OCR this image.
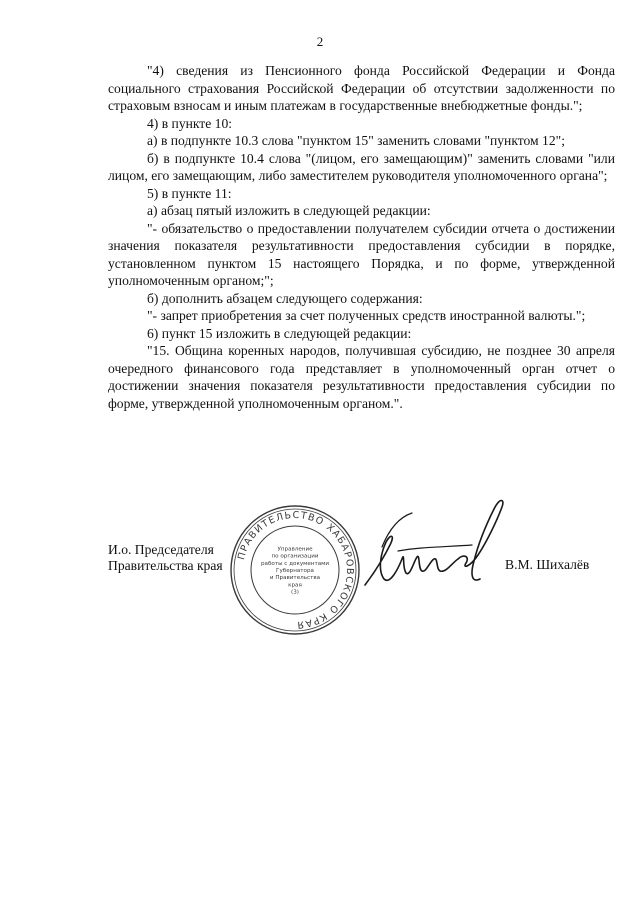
2

"4) сведения из Пенсионного фонда Российской Федерации и Фонда социального страхования Российской Федерации об отсутствии задолженности по страховым взносам и иным платежам в государственные внебюджетные фонды.";

4) в пункте 10:

а) в подпункте 10.3 слова "пунктом 15" заменить словами "пунктом 12";

б) в подпункте 10.4 слова "(лицом, его замещающим)" заменить словами "или лицом, его замещающим, либо заместителем руководителя уполномоченного органа";

5) в пункте 11:

а) абзац пятый изложить в следующей редакции:

"- обязательство о предоставлении получателем субсидии отчета о достижении значения показателя результативности предоставления субсидии в порядке, установленном пунктом 15 настоящего Порядка, и по форме, утвержденной уполномоченным органом;";

б) дополнить абзацем следующего содержания:

"- запрет приобретения за счет полученных средств иностранной валюты.";

6) пункт 15 изложить в следующей редакции:

"15. Община коренных народов, получившая субсидию, не позднее 30 апреля очередного финансового года представляет в уполномоченный орган отчет о достижении значения показателя результативности предоставления субсидии по форме, утвержденной уполномоченным органом.".

И.о. Председателя
Правительства края	В.М. Шихалёв
ПРАВИТЕЛЬСТВО ХАБАРОВСКОГО КРАЯ
Управление
по организации
работы с документами
Губернатора
и Правительства
края
(3)
